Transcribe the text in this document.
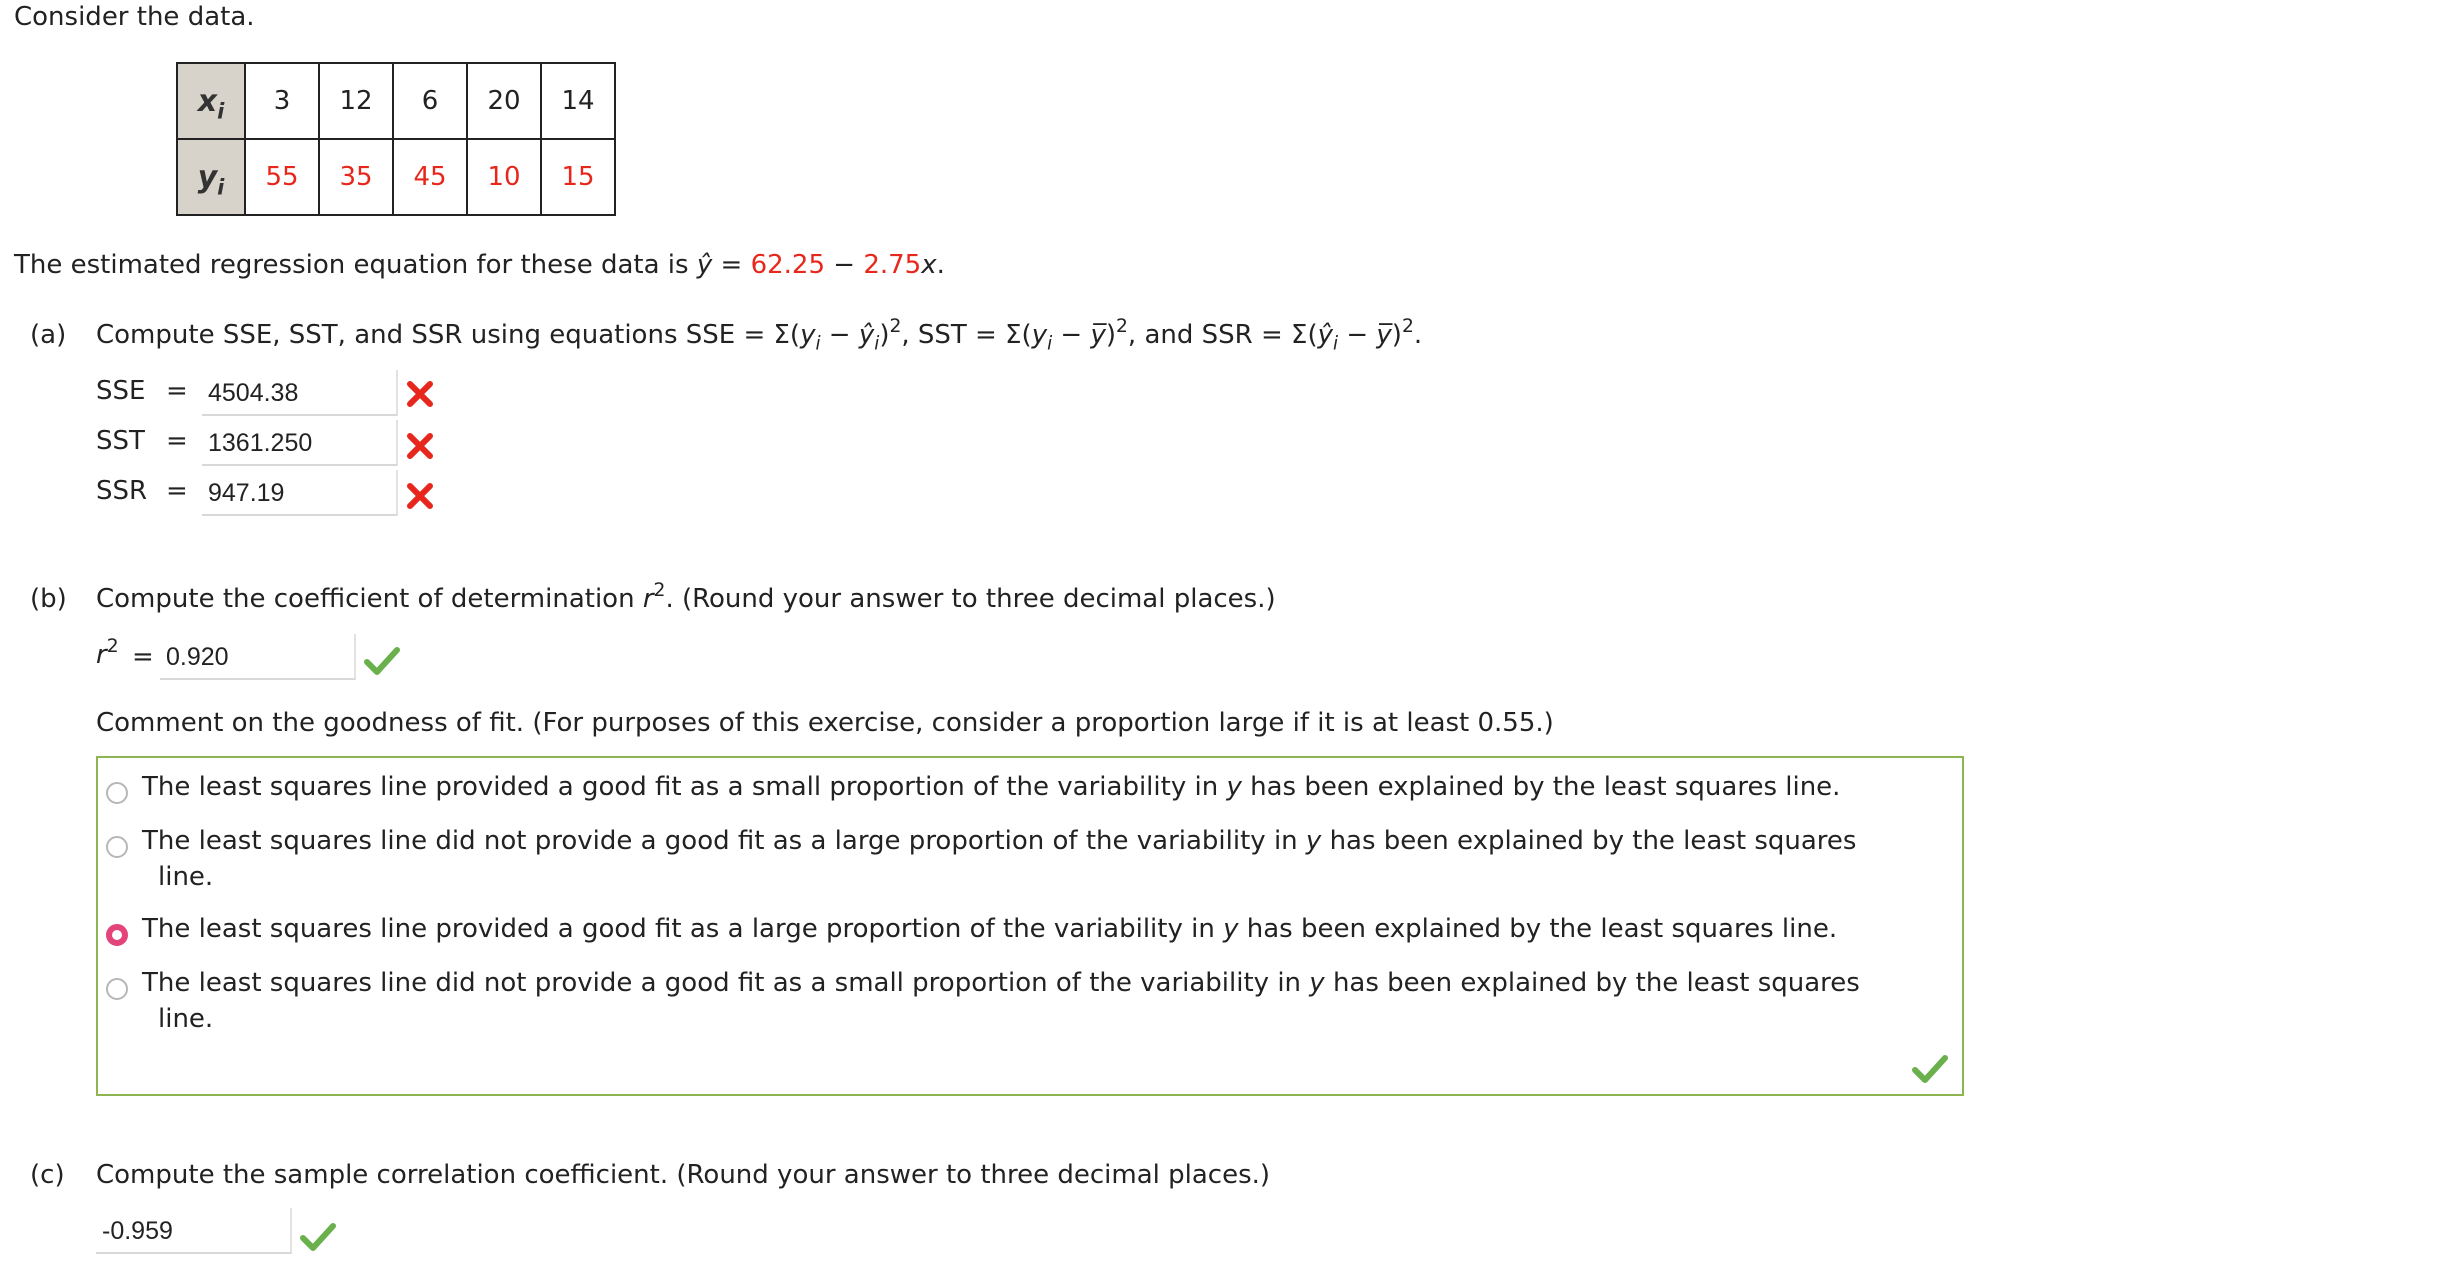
Consider the data.
$x_i$	3	12	6	20	14
$y_i$	55	35	45	10	15
The estimated regression equation for these data is ŷ = 62.25 − 2.75x.
(a) Compute SSE, SST, and SSR using equations SSE = $\Sigma(y_i$ − $ŷ_i)^2$, SST = $\Sigma(y_i$ − y̅)$^2$, and SSR = $\Sigma(ŷ_i$ − y̅)$^2$.
SSE = 4504.38
SST = 1361.250
SSR = 947.19
(b) Compute the coefficient of determination $r^2$. (Round your answer to three decimal places.)
$r^2 = 0.920$
Comment on the goodness of fit. (For purposes of this exercise, consider a proportion large if it is at least 0.55.)
The least squares line provided a good fit as a small proportion of the variability in y has been explained by the least squares line.
The least squares line did not provide a good fit as a large proportion of the variability in y has been explained by the least squares
line.
The least squares line provided a good fit as a large proportion of the variability in y has been explained by the least squares line.
The least squares line did not provide a good fit as a small proportion of the variability in y has been explained by the least squares
line.
(c) Compute the sample correlation coefficient. (Round your answer to three decimal places.)
-0.959
